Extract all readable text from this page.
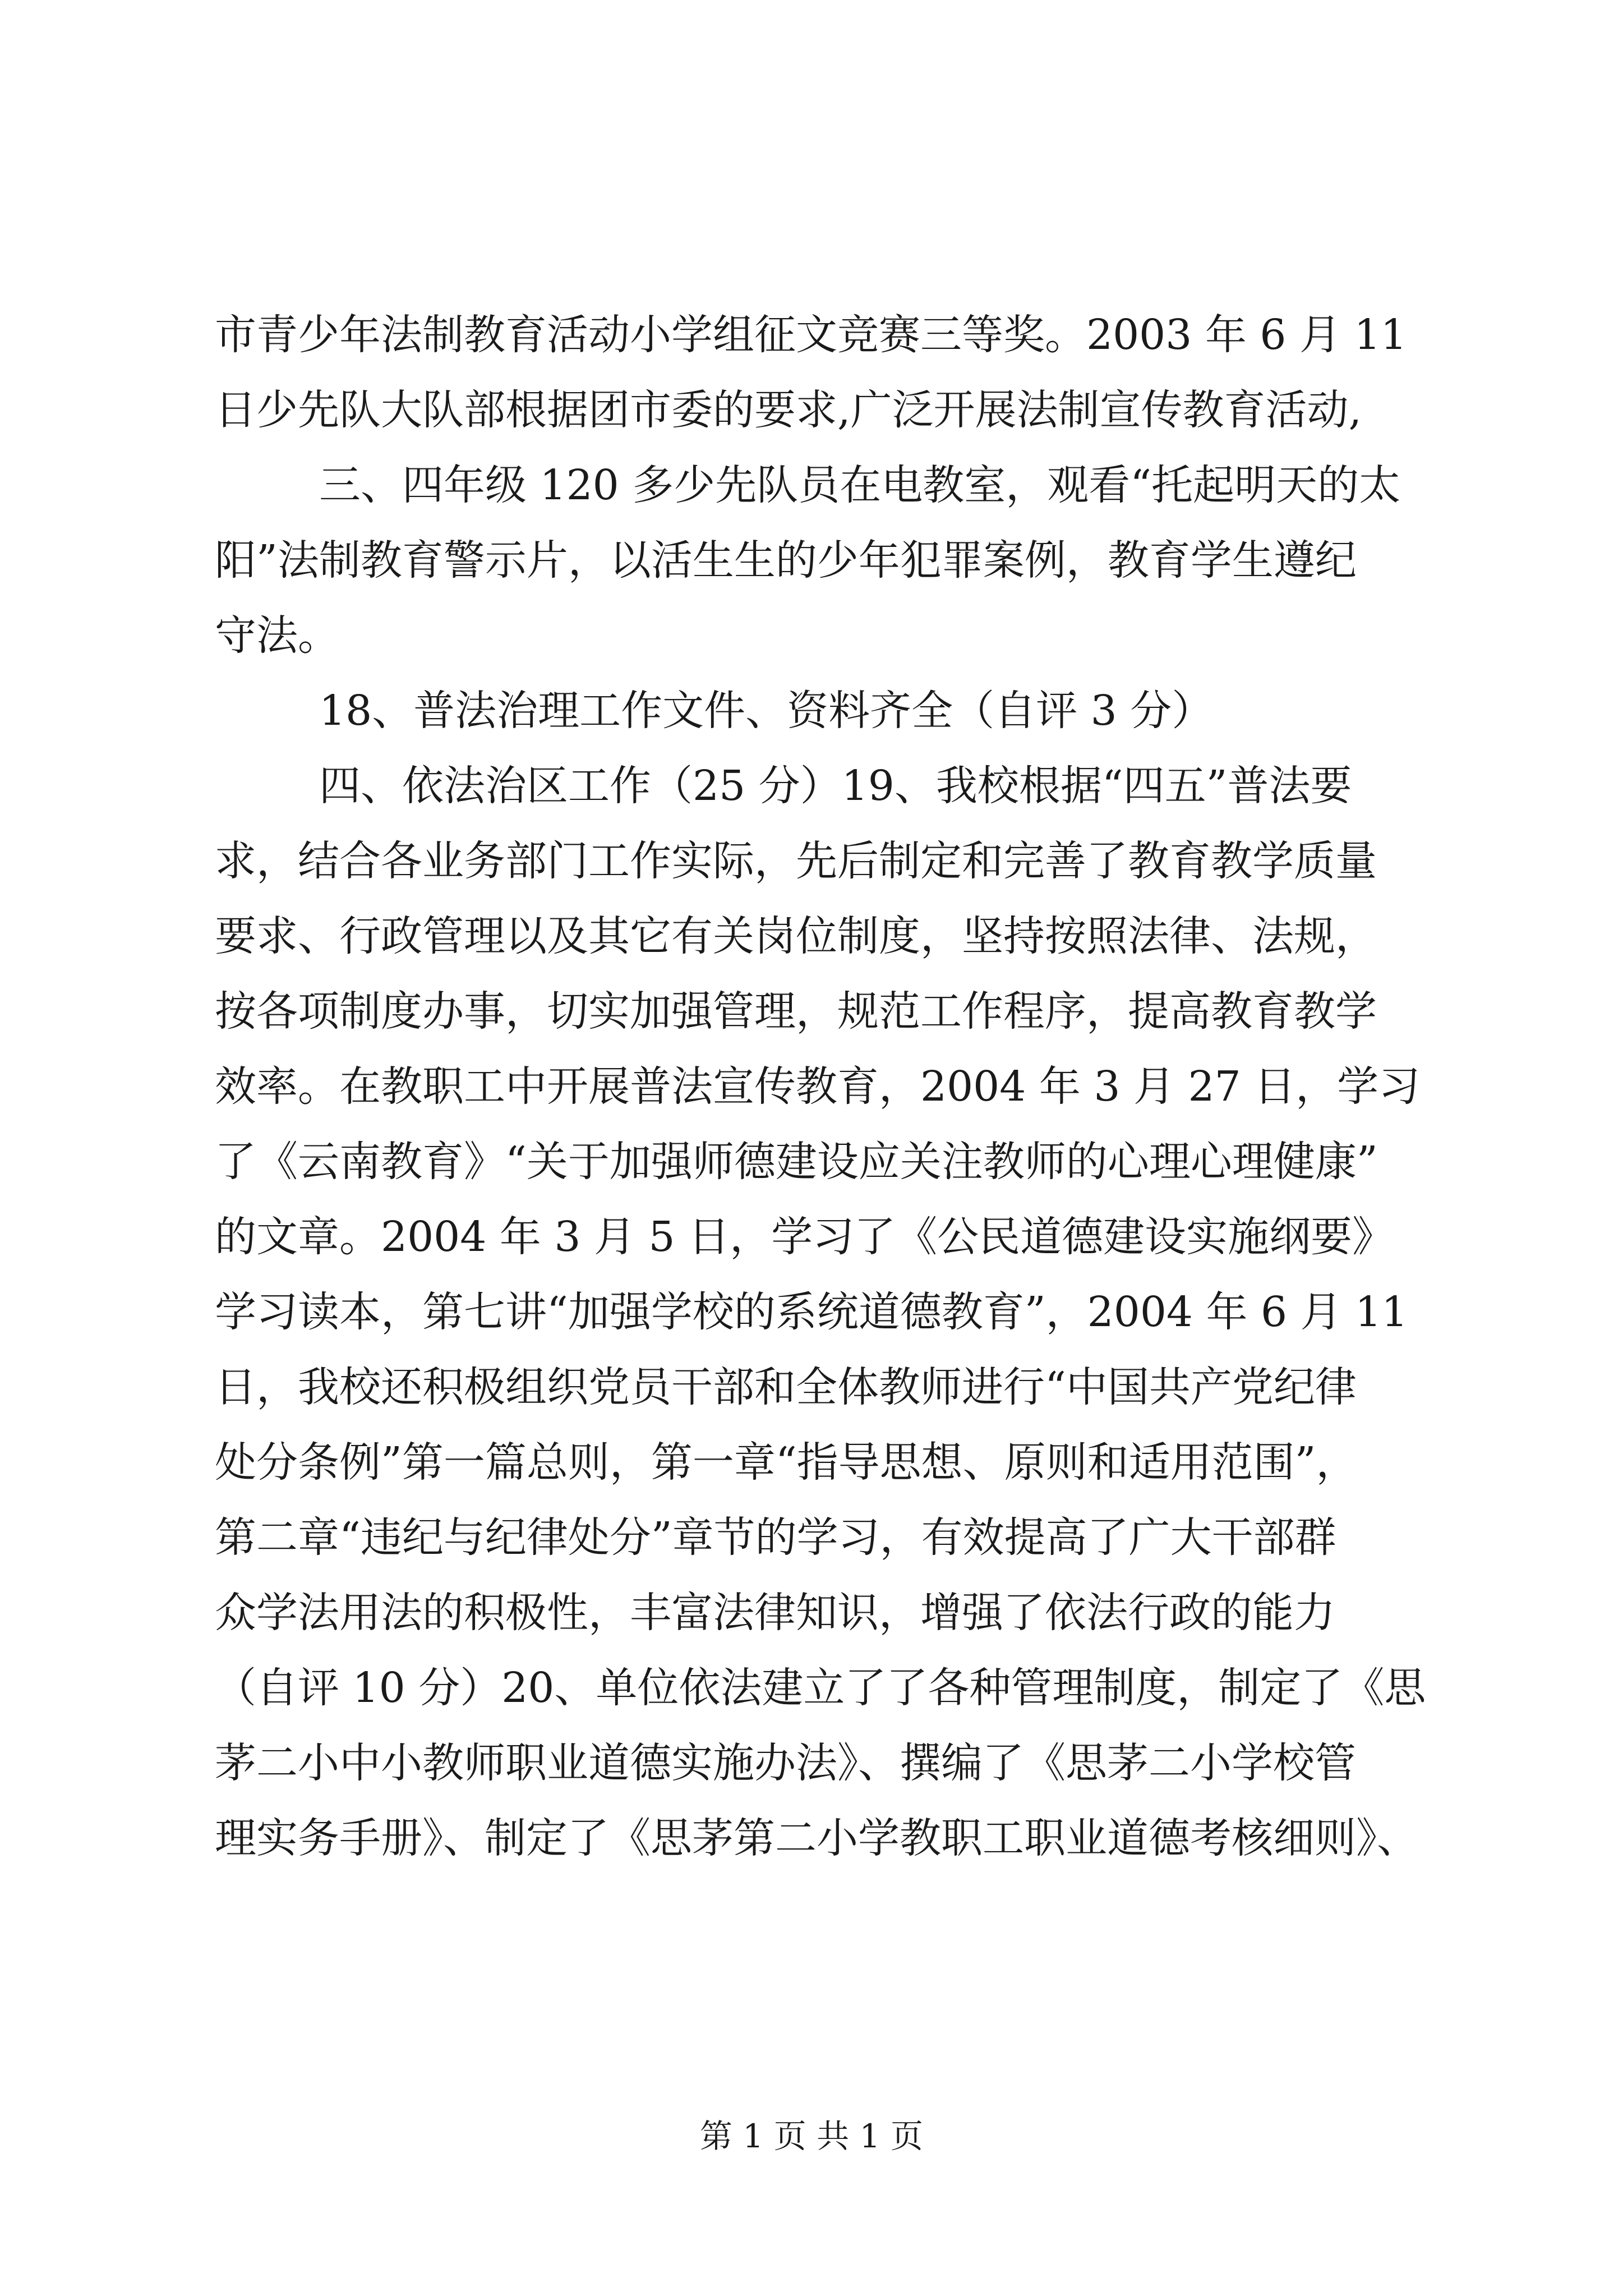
市青少年法制教育活动小学组征文竞赛三等奖。2003 年 6 月 11
日少先队大队部根据团市委的要求,广泛开展法制宣传教育活动,
三、四年级 120 多少先队员在电教室，观看“托起明天的太
阳”法制教育警示片，以活生生的少年犯罪案例，教育学生遵纪
守法。
18、普法治理工作文件、资料齐全（自评 3 分）
四、依法治区工作（25 分）19、我校根据“四五”普法要
求，结合各业务部门工作实际，先后制定和完善了教育教学质量
要求、行政管理以及其它有关岗位制度，坚持按照法律、法规，
按各项制度办事，切实加强管理，规范工作程序，提高教育教学
效率。在教职工中开展普法宣传教育，2004 年 3 月 27 日，学习
了《云南教育》“关于加强师德建设应关注教师的心理心理健康”
的文章。2004 年 3 月 5 日，学习了《公民道德建设实施纲要》
学习读本，第七讲“加强学校的系统道德教育”，2004 年 6 月 11
日，我校还积极组织党员干部和全体教师进行“中国共产党纪律
处分条例”第一篇总则，第一章“指导思想、原则和适用范围”，
第二章“违纪与纪律处分”章节的学习，有效提高了广大干部群
众学法用法的积极性，丰富法律知识，增强了依法行政的能力
（自评 10 分）20、单位依法建立了了各种管理制度，制定了《思
茅二小中小教师职业道德实施办法》、撰编了《思茅二小学校管
理实务手册》、制定了《思茅第二小学教职工职业道德考核细则》、
第 1 页 共 1 页
